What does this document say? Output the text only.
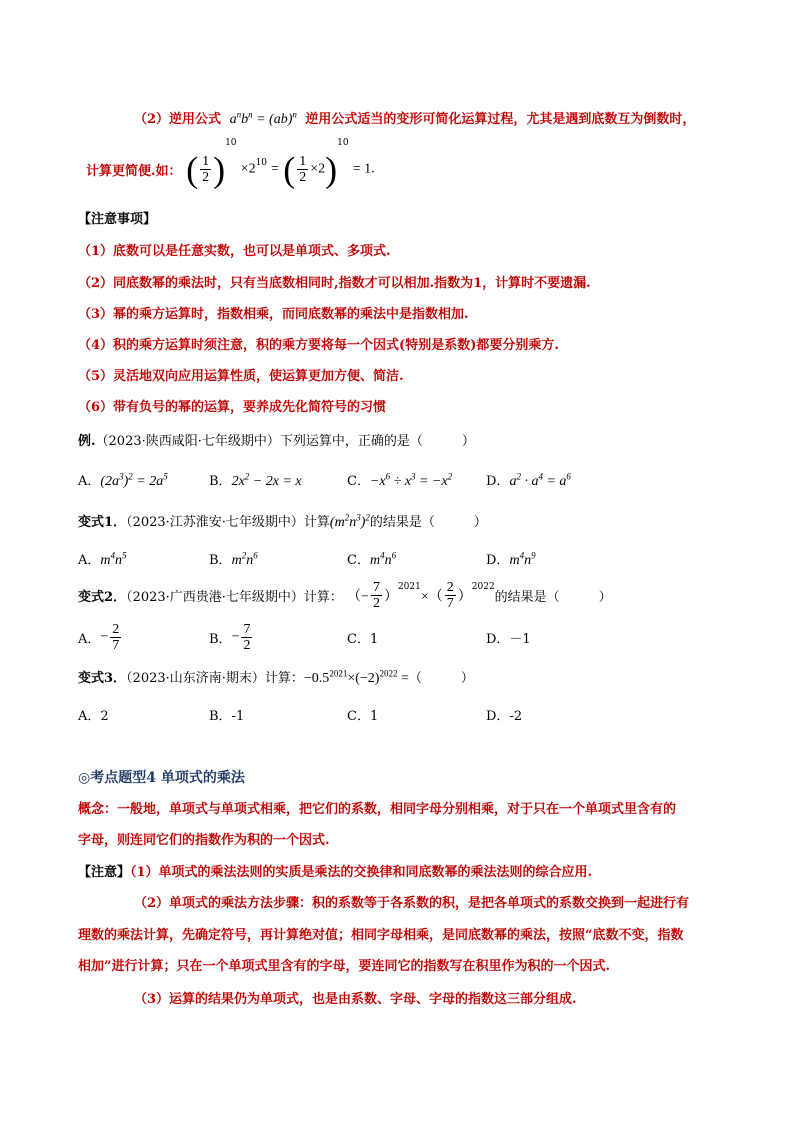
（2）逆用公式 $a^nb^n = (ab)^n$ 逆用公式适当的变形可简化运算过程，尤其是遇到底数互为倒数时，
计算更简便.如： ( $\frac{1}{2} )^{10} \times 2^{10}$ = ( $\frac{1}{2} \times 2)^{10} = 1$.
【注意事项】
（1）底数可以是任意实数，也可以是单项式、多项式.
（2）同底数幂的乘法时，只有当底数相同时,指数才可以相加.指数为1，计算时不要遗漏.
（3）幂的乘方运算时，指数相乘，而同底数幂的乘法中是指数相加.
（4）积的乘方运算时须注意，积的乘方要将每一个因式(特别是系数)都要分别乘方.
（5）灵活地双向应用运算性质，使运算更加方便、简洁.
（6）带有负号的幂的运算，要养成先化简符号的习惯
例.（2023·陕西咸阳·七年级期中）下列运算中，正确的是（　　　）
A．$(2a^3)^2 = 2a^5$	B．$2x^2 - 2x = x$	C．$-x^6 \div x^3 = -x^2$	D．$a^2 \cdot a^4 = a^6$
变式1．（2023·江苏淮安·七年级期中）计算$(m^2n^3)^2$的结果是（　　　）
A．$m^4n^5$	B．$m^2n^6$	C．$m^4n^6$	D．$m^4n^9$
变式2．（2023·广西贵港·七年级期中）计算： （− $\frac{7}{2} )^{2021}\times( \frac{2}{7} )^{2022}$的结果是（　　　）
A．− $\frac{2}{7}$	B．− $\frac{7}{2}$	C．1	D．－1
变式3．（2023·山东济南·期末）计算：$-0.5^{2021}\times(-2)^{2022}$ =（　　　）
A．2	B．-1	C．1	D．-2
◎考点题型4 单项式的乘法
概念：一般地，单项式与单项式相乘，把它们的系数，相同字母分别相乘，对于只在一个单项式里含有的
字母，则连同它们的指数作为积的一个因式.
【注意】（1）单项式的乘法法则的实质是乘法的交换律和同底数幂的乘法法则的综合应用.
（2）单项式的乘法方法步骤：积的系数等于各系数的积，是把各单项式的系数交换到一起进行有
理数的乘法计算，先确定符号，再计算绝对值；相同字母相乘，是同底数幂的乘法，按照“底数不变，指数
相加”进行计算；只在一个单项式里含有的字母，要连同它的指数写在积里作为积的一个因式.
（3）运算的结果仍为单项式，也是由系数、字母、字母的指数这三部分组成.
